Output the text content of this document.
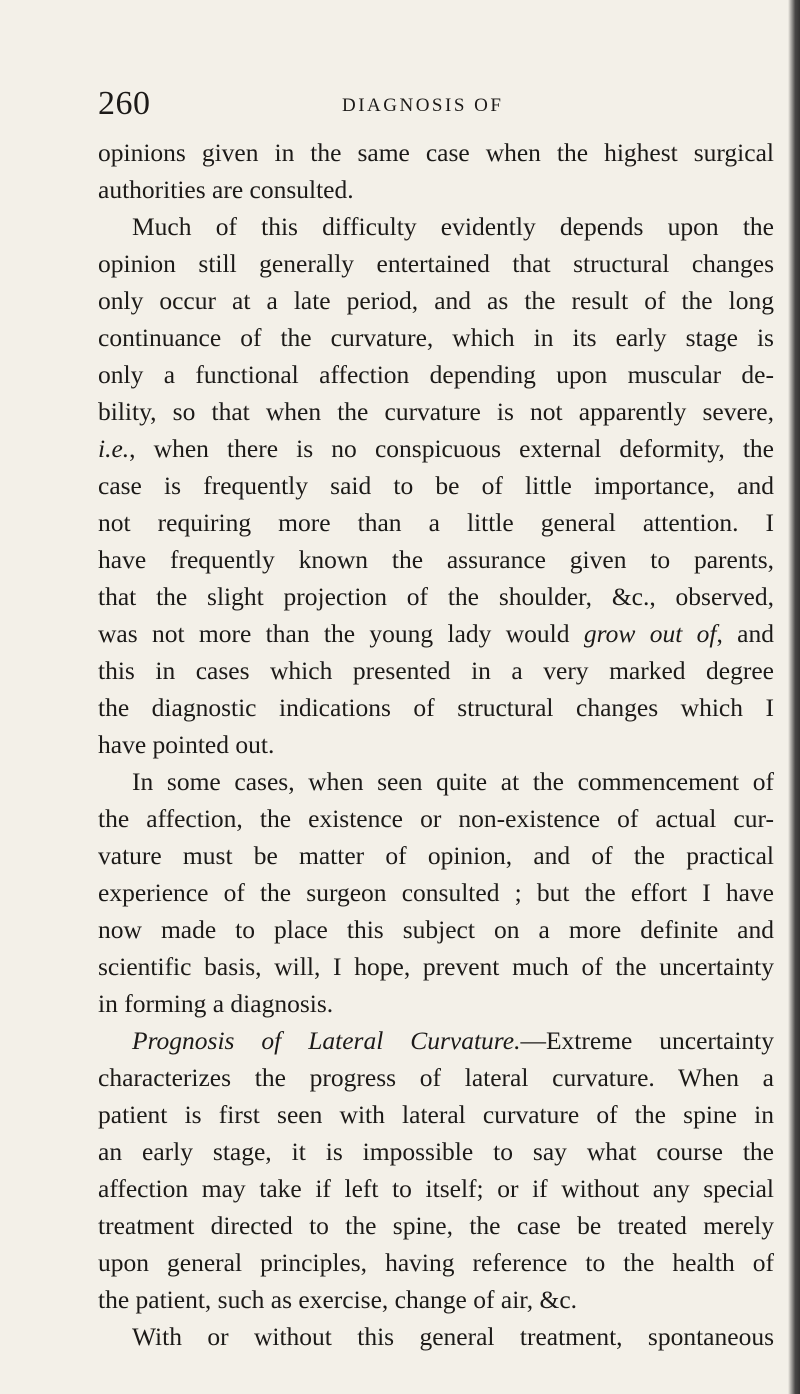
260	DIAGNOSIS OF
opinions given in the same case when the highest surgical
authorities are consulted.
Much of this difficulty evidently depends upon the
opinion still generally entertained that structural changes
only occur at a late period, and as the result of the long
continuance of the curvature, which in its early stage is
only a functional affection depending upon muscular de-
bility, so that when the curvature is not apparently severe,
i.e., when there is no conspicuous external deformity, the
case is frequently said to be of little importance, and
not requiring more than a little general attention. I
have frequently known the assurance given to parents,
that the slight projection of the shoulder, &c., observed,
was not more than the young lady would grow out of, and
this in cases which presented in a very marked degree
the diagnostic indications of structural changes which I
have pointed out.
In some cases, when seen quite at the commencement of
the affection, the existence or non-existence of actual cur-
vature must be matter of opinion, and of the practical
experience of the surgeon consulted ; but the effort I have
now made to place this subject on a more definite and
scientific basis, will, I hope, prevent much of the uncertainty
in forming a diagnosis.
Prognosis of Lateral Curvature.—Extreme uncertainty
characterizes the progress of lateral curvature. When a
patient is first seen with lateral curvature of the spine in
an early stage, it is impossible to say what course the
affection may take if left to itself; or if without any special
treatment directed to the spine, the case be treated merely
upon general principles, having reference to the health of
the patient, such as exercise, change of air, &c.
With or without this general treatment, spontaneous
